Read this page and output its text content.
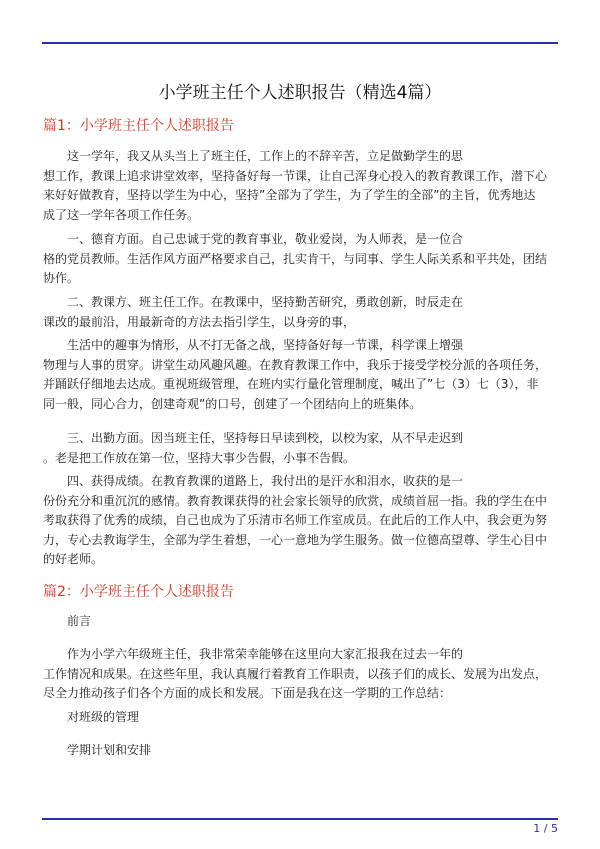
小学班主任个人述职报告（精选4篇）
篇1：小学班主任个人述职报告

这一学年，我又从头当上了班主任，工作上的不辞辛苦，立足做勤学生的思
想工作，教课上追求讲堂效率，坚持备好每一节课，让自己浑身心投入的教育教课工作，潜下心
来好好做教育，坚持以学生为中心，坚持”全部为了学生，为了学生的全部”的主旨，优秀地达
成了这一学年各项工作任务。

一、德育方面。自己忠诚于党的教育事业，敬业爱岗，为人师表，是一位合
格的党员教师。生活作风方面严格要求自己，扎实肯干，与同事、学生人际关系和平共处，团结
协作。

二、教课方、班主任工作。在教课中，坚持勤苦研究，勇敢创新，时辰走在
课改的最前沿，用最新奇的方法去指引学生，以身旁的事，

生活中的趣事为情形，从不打无备之战，坚持备好每一节课，科学课上增强
物理与人事的贯穿。讲堂生动风趣风趣。在教育教课工作中，我乐于接受学校分派的各项任务，
并踊跃仔细地去达成。重视班级管理，在班内实行量化管理制度，喊出了”七（3）七（3），非
同一般，同心合力，创建奇观”的口号，创建了一个团结向上的班集体。

三、出勤方面。因当班主任，坚持每日早读到校，以校为家，从不早走迟到
。老是把工作放在第一位，坚持大事少告假，小事不告假。

四、获得成绩。在教育教课的道路上，我付出的是汗水和泪水，收获的是一
份份充分和重沉沉的感情。教育教课获得的社会家长领导的欣赏，成绩首屈一指。我的学生在中
考取获得了优秀的成绩，自己也成为了乐清市名师工作室成员。在此后的工作人中，我会更为努
力，专心去教诲学生，全部为学生着想，一心一意地为学生服务。做一位德高望尊、学生心目中
的好老师。

篇2：小学班主任个人述职报告

前言

作为小学六年级班主任，我非常荣幸能够在这里向大家汇报我在过去一年的
工作情况和成果。在这些年里，我认真履行着教育工作职责，以孩子们的成长、发展为出发点，
尽全力推动孩子们各个方面的成长和发展。下面是我在这一学期的工作总结：

对班级的管理

学期计划和安排

1 / 5
